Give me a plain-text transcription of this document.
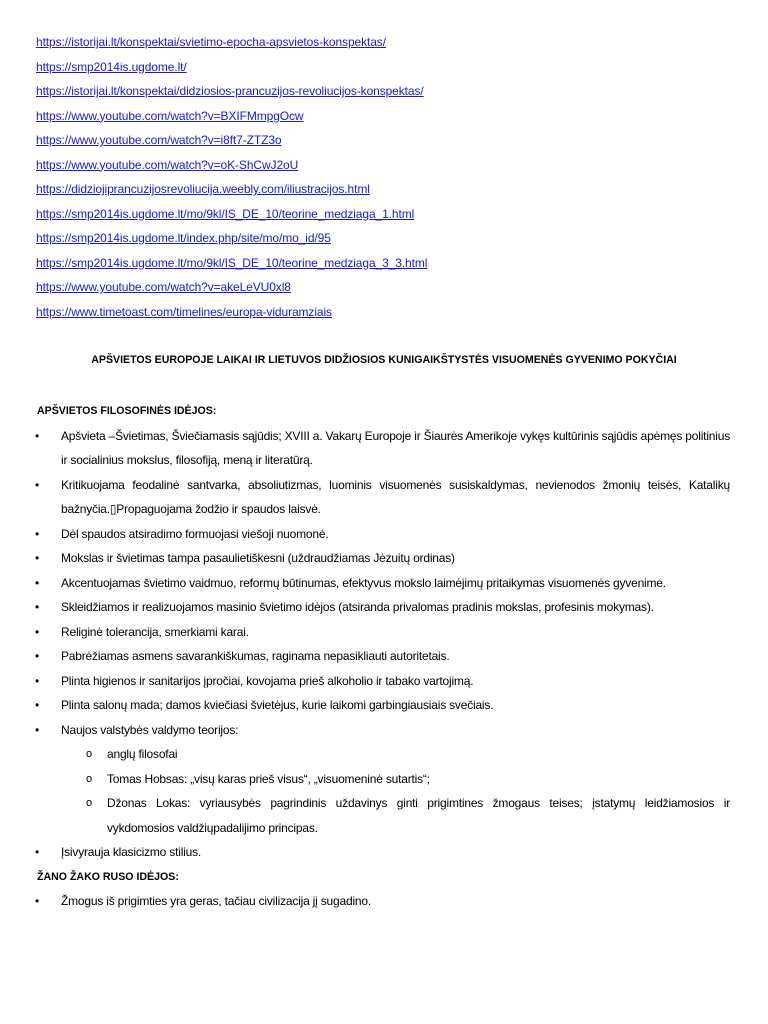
https://istorijai.lt/konspektai/svietimo-epocha-apsvietos-konspektas/
https://smp2014is.ugdome.lt/
https://istorijai.lt/konspektai/didziosios-prancuzijos-revoliucijos-konspektas/
https://www.youtube.com/watch?v=BXIFMmpgOcw
https://www.youtube.com/watch?v=i8ft7-ZTZ3o
https://www.youtube.com/watch?v=oK-ShCwJ2oU
https://didziojiprancuzijosrevoliucija.weebly.com/iliustracijos.html
https://smp2014is.ugdome.lt/mo/9kl/IS_DE_10/teorine_medziaga_1.html
https://smp2014is.ugdome.lt/index.php/site/mo/mo_id/95
https://smp2014is.ugdome.lt/mo/9kl/IS_DE_10/teorine_medziaga_3_3.html
https://www.youtube.com/watch?v=akeLeVU0xl8
https://www.timetoast.com/timelines/europa-viduramziais
APŠVIETOS EUROPOJE LAIKAI IR LIETUVOS DIDŽIOSIOS KUNIGAIKŠTYSTĖS VISUOMENĖS GYVENIMO POKYČIAI
APŠVIETOS FILOSOFINĖS IDĖJOS:
• Apšvieta –Švietimas, Šviečiamasis sąjūdis; XVIII a. Vakarų Europoje ir Šiaurės Amerikoje vykęs kultūrinis sąjūdis apėmęs politinius ir socialinius mokslus, filosofiją, meną ir literatūrą.
• Kritikuojama feodalinė santvarka, absoliutizmas, luominis visuomenės susiskaldymas, nevienodos žmonių teisės, Katalikų bažnyčia.▯Propaguojama žodžio ir spaudos laisvė.
• Dėl spaudos atsiradimo formuojasi viešoji nuomonė.
• Mokslas ir švietimas tampa pasaulietiškesni (uždraudžiamas Jėzuitų ordinas)
• Akcentuojamas švietimo vaidmuo, reformų būtinumas, efektyvus mokslo laimėjimų pritaikymas visuomenės gyvenime.
• Skleidžiamos ir realizuojamos masinio švietimo idėjos (atsiranda privalomas pradinis mokslas, profesinis mokymas).
• Religinė tolerancija, smerkiami karai.
• Pabrėžiamas asmens savarankiškumas, raginama nepasikliauti autoritetais.
• Plinta higienos ir sanitarijos įpročiai, kovojama prieš alkoholio ir tabako vartojimą.
• Plinta salonų mada; damos kviečiasi švietėjus, kurie laikomi garbingiausiais svečiais.
• Naujos valstybės valdymo teorijos:
o anglų filosofai
o Tomas Hobsas: „visų karas prieš visus“, „visuomeninė sutartis“;
o Džonas Lokas: vyriausybės pagrindinis uždavinys ginti prigimtines žmogaus teises; įstatymų leidžiamosios ir vykdomosios valdžiųpadalijimo principas.
• Įsivyrauja klasicizmo stilius.
ŽANO ŽAKO RUSO IDĖJOS:
• Žmogus iš prigimties yra geras, tačiau civilizacija jį sugadino.
